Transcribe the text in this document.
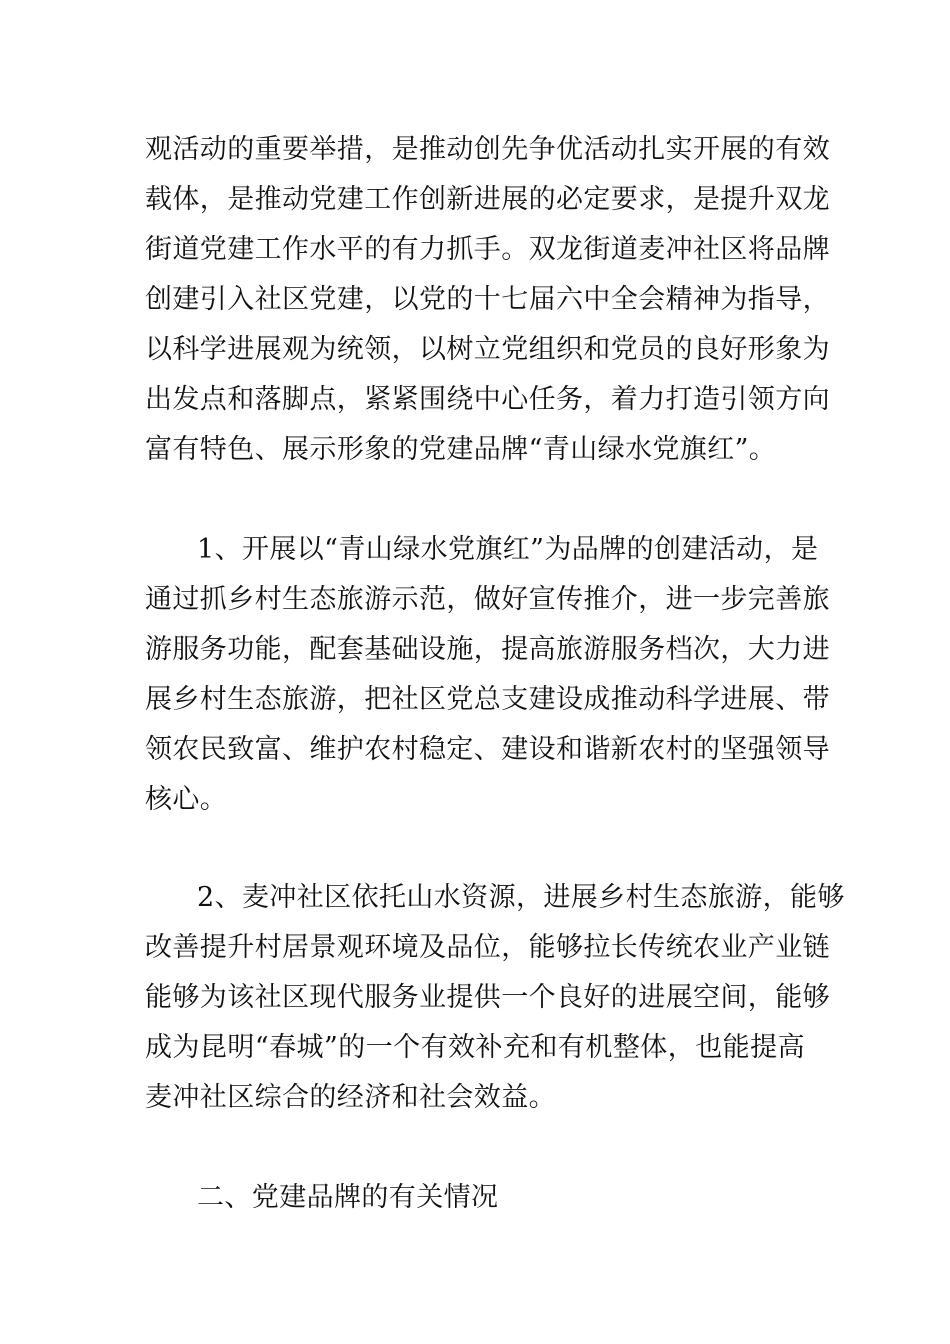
观活动的重要举措，是推动创先争优活动扎实开展的有效

载体，是推动党建工作创新进展的必定要求，是提升双龙

街道党建工作水平的有力抓手。双龙街道麦冲社区将品牌

创建引入社区党建，以党的十七届六中全会精神为指导，

以科学进展观为统领，以树立党组织和党员的良好形象为

出发点和落脚点，紧紧围绕中心任务，着力打造引领方向

富有特色、展示形象的党建品牌“青山绿水党旗红”。

1、开展以“青山绿水党旗红”为品牌的创建活动，是

通过抓乡村生态旅游示范，做好宣传推介，进一步完善旅

游服务功能，配套基础设施，提高旅游服务档次，大力进

展乡村生态旅游，把社区党总支建设成推动科学进展、带

领农民致富、维护农村稳定、建设和谐新农村的坚强领导

核心。

2、麦冲社区依托山水资源，进展乡村生态旅游，能够

改善提升村居景观环境及品位，能够拉长传统农业产业链

能够为该社区现代服务业提供一个良好的进展空间，能够

成为昆明“春城”的一个有效补充和有机整体，也能提高

麦冲社区综合的经济和社会效益。

二、党建品牌的有关情况
